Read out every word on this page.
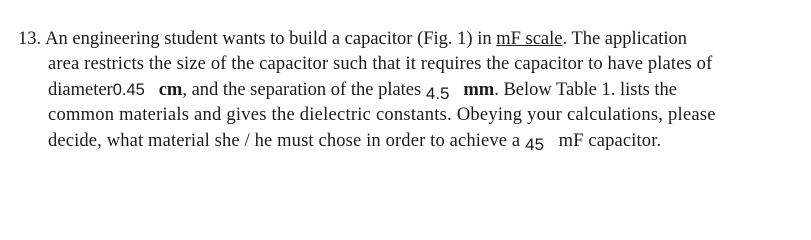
13. An engineering student wants to build a capacitor (Fig. 1) in mF scale. The application
area restricts the size of the capacitor such that it requires the capacitor to have plates of
diameter0.45 cm, and the separation of the plates 4.5 mm. Below Table 1. lists the
common materials and gives the dielectric constants. Obeying your calculations, please
decide, what material she / he must chose in order to achieve a 45   mF capacitor.
